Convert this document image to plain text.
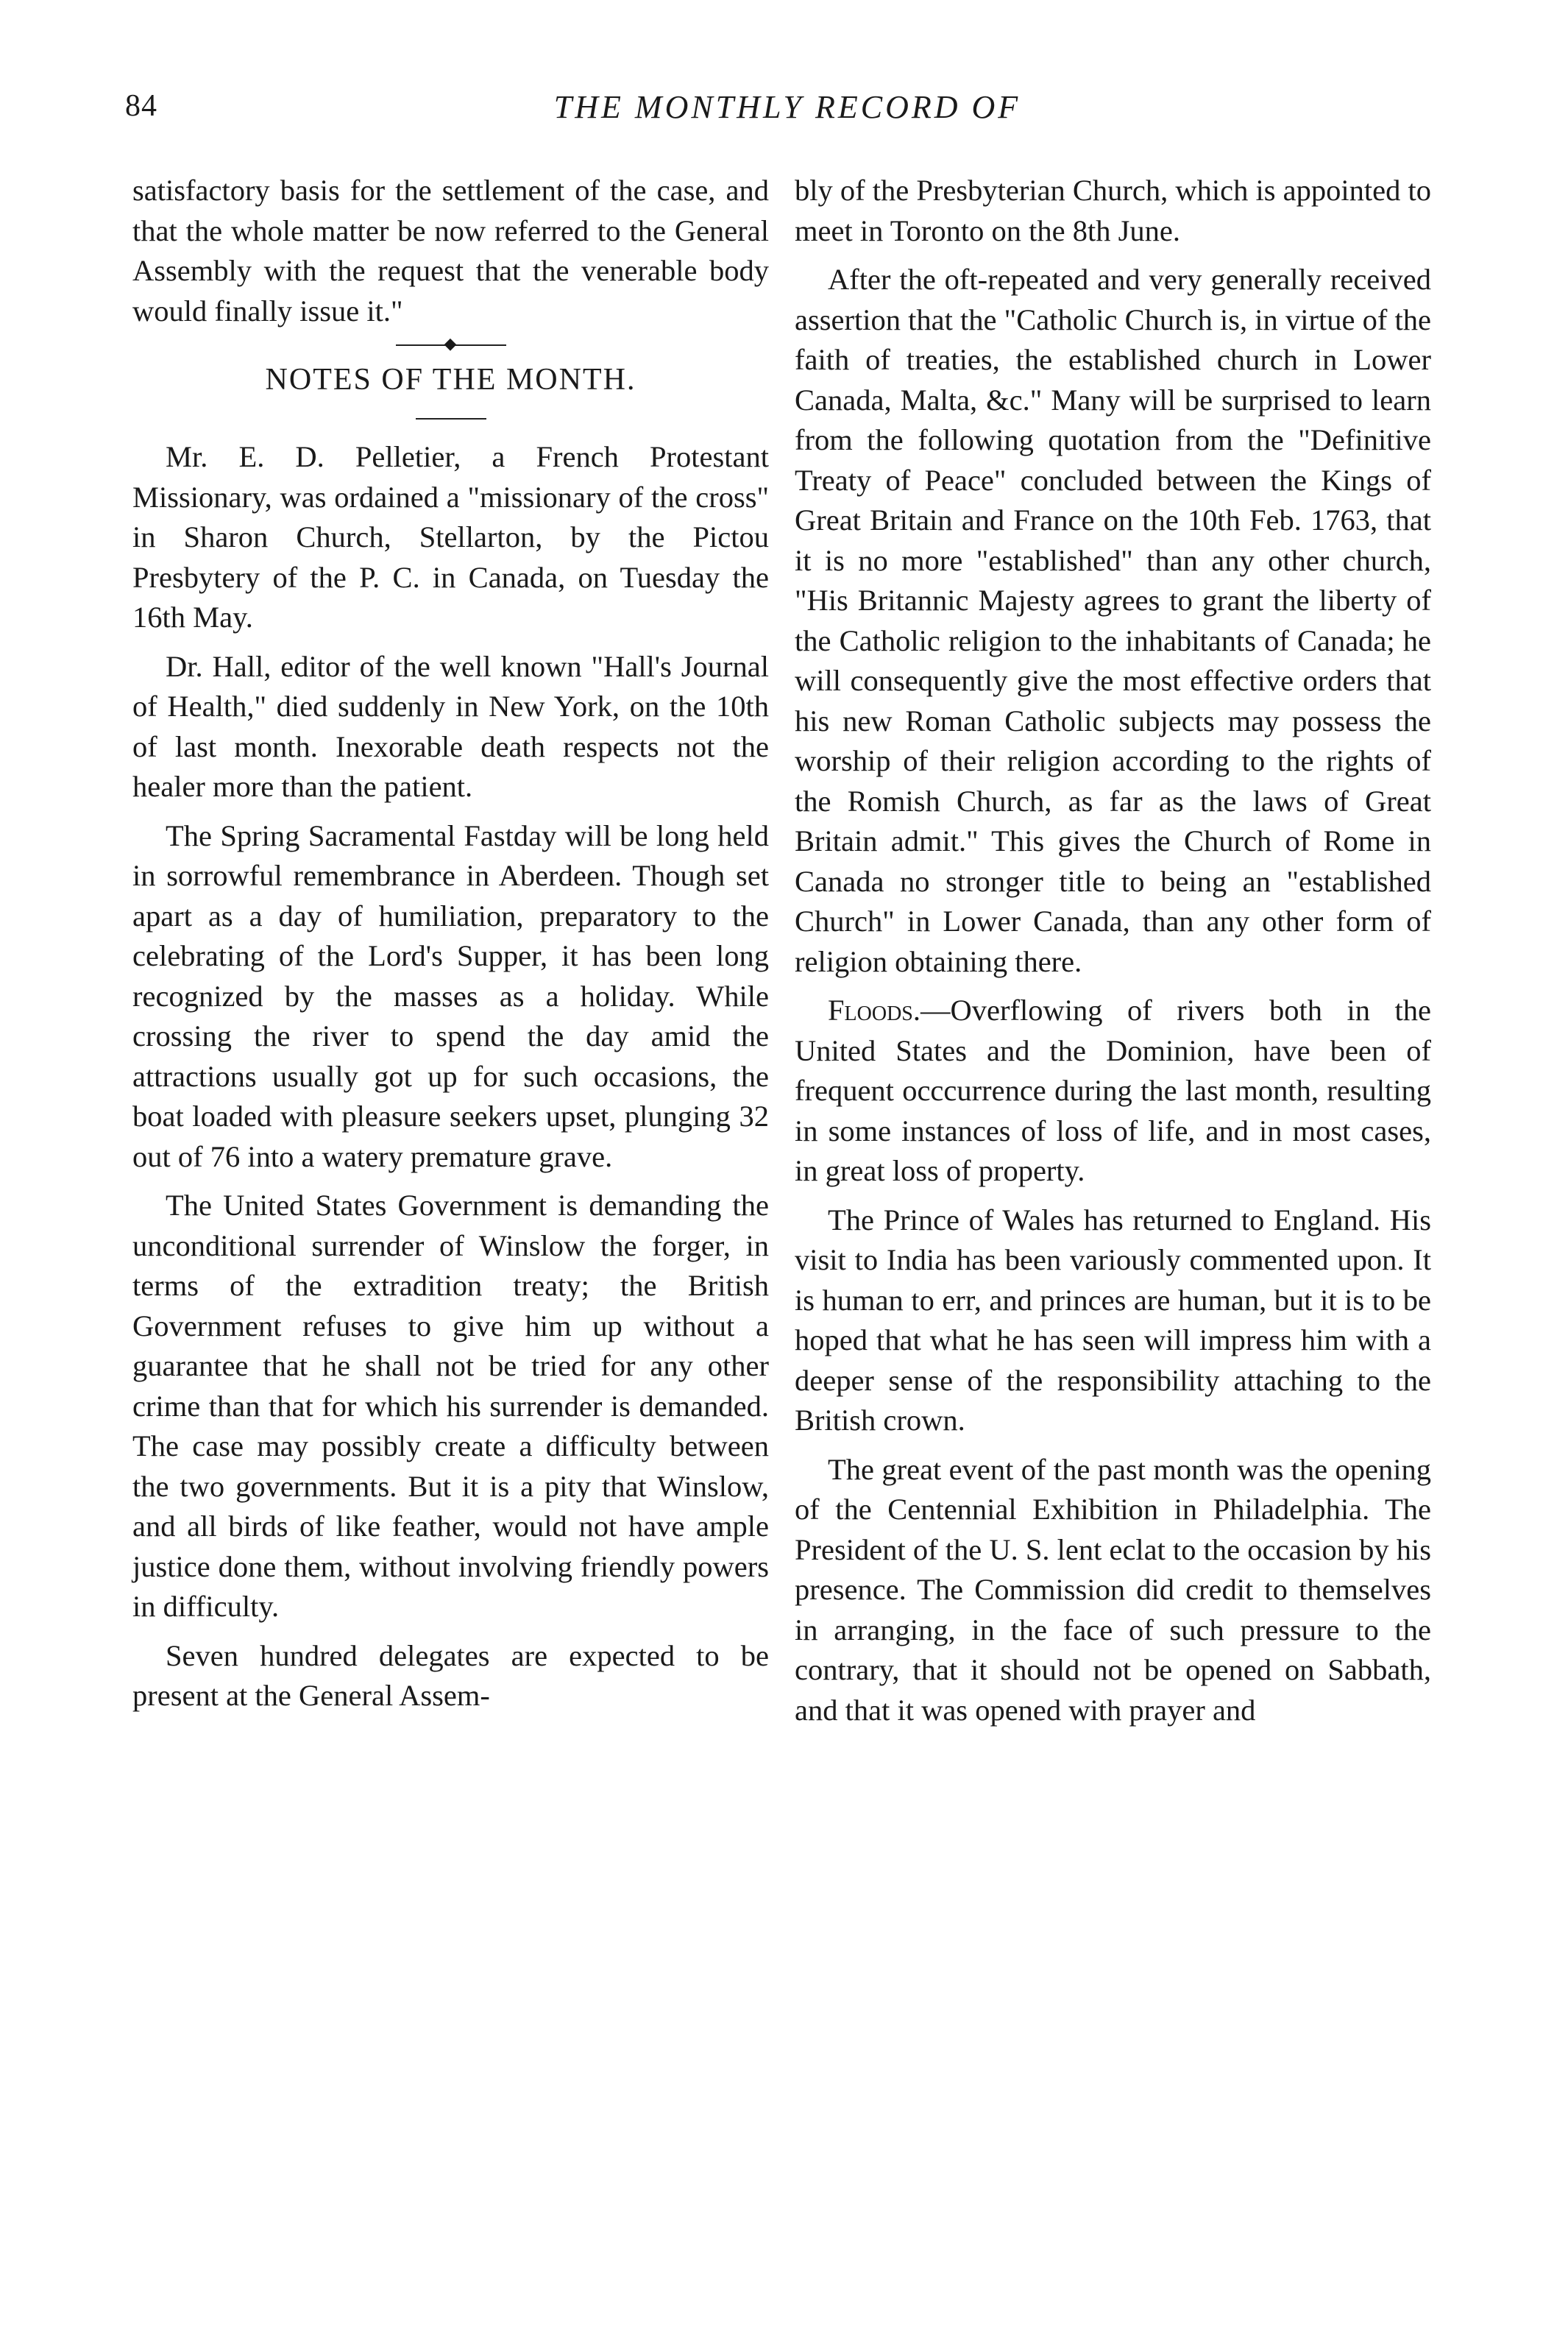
84	THE MONTHLY RECORD OF

satisfactory basis for the settlement of the case, and that the whole matter be now referred to the General Assembly with the request that the venerable body would finally issue it."

◆
NOTES OF THE MONTH.

Mr. E. D. Pelletier, a French Protestant Missionary, was ordained a "missionary of the cross" in Sharon Church, Stellarton, by the Pictou Presbytery of the P. C. in Canada, on Tuesday the 16th May.

Dr. Hall, editor of the well known "Hall's Journal of Health," died suddenly in New York, on the 10th of last month. Inexorable death respects not the healer more than the patient.

The Spring Sacramental Fastday will be long held in sorrowful remembrance in Aberdeen. Though set apart as a day of humiliation, preparatory to the celebrating of the Lord's Supper, it has been long recognized by the masses as a holiday. While crossing the river to spend the day amid the attractions usually got up for such occasions, the boat loaded with pleasure seekers upset, plunging 32 out of 76 into a watery premature grave.

The United States Government is demanding the unconditional surrender of Winslow the forger, in terms of the extradition treaty; the British Government refuses to give him up without a guarantee that he shall not be tried for any other crime than that for which his surrender is demanded. The case may possibly create a difficulty between the two governments. But it is a pity that Winslow, and all birds of like feather, would not have ample justice done them, without involving friendly powers in difficulty.

Seven hundred delegates are expected to be present at the General Assem-

bly of the Presbyterian Church, which is appointed to meet in Toronto on the 8th June.

After the oft-repeated and very generally received assertion that the "Catholic Church is, in virtue of the faith of treaties, the established church in Lower Canada, Malta, &c." Many will be surprised to learn from the following quotation from the "Definitive Treaty of Peace" concluded between the Kings of Great Britain and France on the 10th Feb. 1763, that it is no more "established" than any other church, "His Britannic Majesty agrees to grant the liberty of the Catholic religion to the inhabitants of Canada; he will consequently give the most effective orders that his new Roman Catholic subjects may possess the worship of their religion according to the rights of the Romish Church, as far as the laws of Great Britain admit." This gives the Church of Rome in Canada no stronger title to being an "established Church" in Lower Canada, than any other form of religion obtaining there.

Floods.—Overflowing of rivers both in the United States and the Dominion, have been of frequent occcurrence during the last month, resulting in some instances of loss of life, and in most cases, in great loss of property.

The Prince of Wales has returned to England. His visit to India has been variously commented upon. It is human to err, and princes are human, but it is to be hoped that what he has seen will impress him with a deeper sense of the responsibility attaching to the British crown.

The great event of the past month was the opening of the Centennial Exhibition in Philadelphia. The President of the U. S. lent eclat to the occasion by his presence. The Commission did credit to themselves in arranging, in the face of such pressure to the contrary, that it should not be opened on Sabbath, and that it was opened with prayer and
